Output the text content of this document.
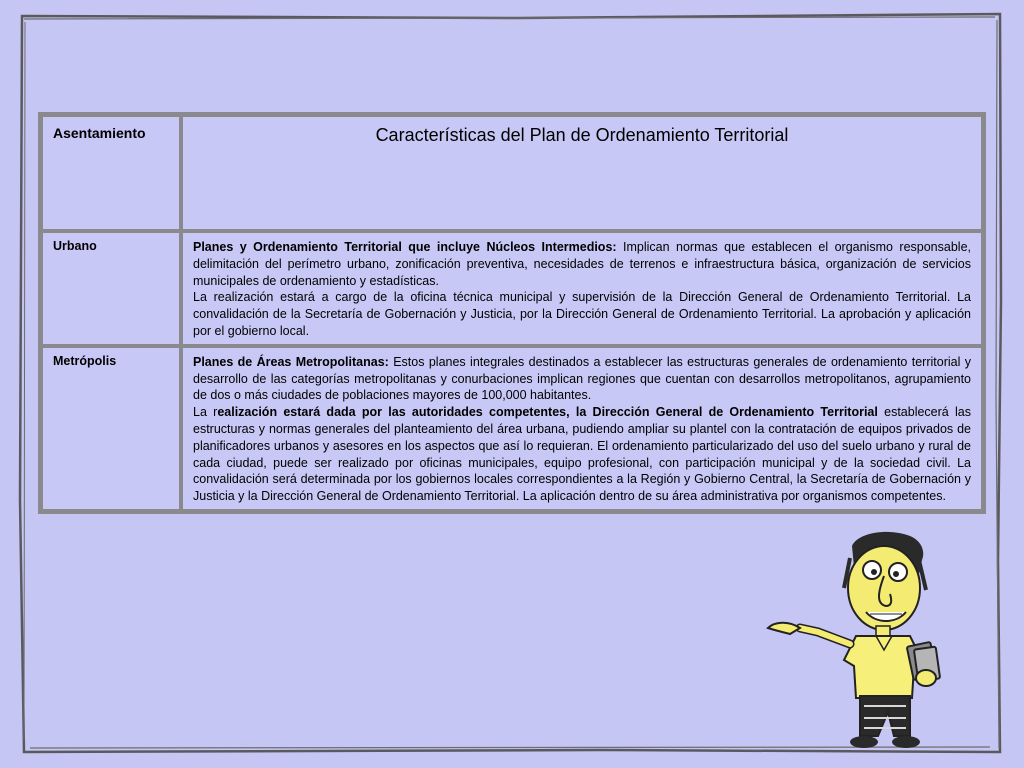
Asentamiento	Características del Plan de Ordenamiento Territorial
Urbano	Planes y Ordenamiento Territorial que incluye Núcleos Intermedios: Implican normas que establecen el organismo responsable, delimitación del perímetro urbano, zonificación preventiva, necesidades de terrenos e infraestructura básica, organización de servicios municipales de ordenamiento y estadísticas.

La realización estará a cargo de la oficina técnica municipal y supervisión de la Dirección General de Ordenamiento Territorial. La convalidación de la Secretaría de Gobernación y Justicia, por la Dirección General de Ordenamiento Territorial. La aprobación y aplicación por el gobierno local.

Metrópolis	Planes de Áreas Metropolitanas: Estos planes integrales destinados a establecer las estructuras generales de ordenamiento territorial y desarrollo de las categorías metropolitanas y conurbaciones implican regiones que cuentan con desarrollos metropolitanos, agrupamiento de dos o más ciudades de poblaciones mayores de 100,000 habitantes.

La realización estará dada por las autoridades competentes, la Dirección General de Ordenamiento Territorial establecerá las estructuras y normas generales del planteamiento del área urbana, pudiendo ampliar su plantel con la contratación de equipos privados de planificadores urbanos y asesores en los aspectos que así lo requieran. El ordenamiento particularizado del uso del suelo urbano y rural de cada ciudad, puede ser realizado por oficinas municipales, equipo profesional, con participación municipal y de la sociedad civil. La convalidación será determinada por los gobiernos locales correspondientes a la Región y Gobierno Central, la Secretaría de Gobernación y Justicia y la Dirección General de Ordenamiento Territorial. La aplicación dentro de su área administrativa por organismos competentes.
